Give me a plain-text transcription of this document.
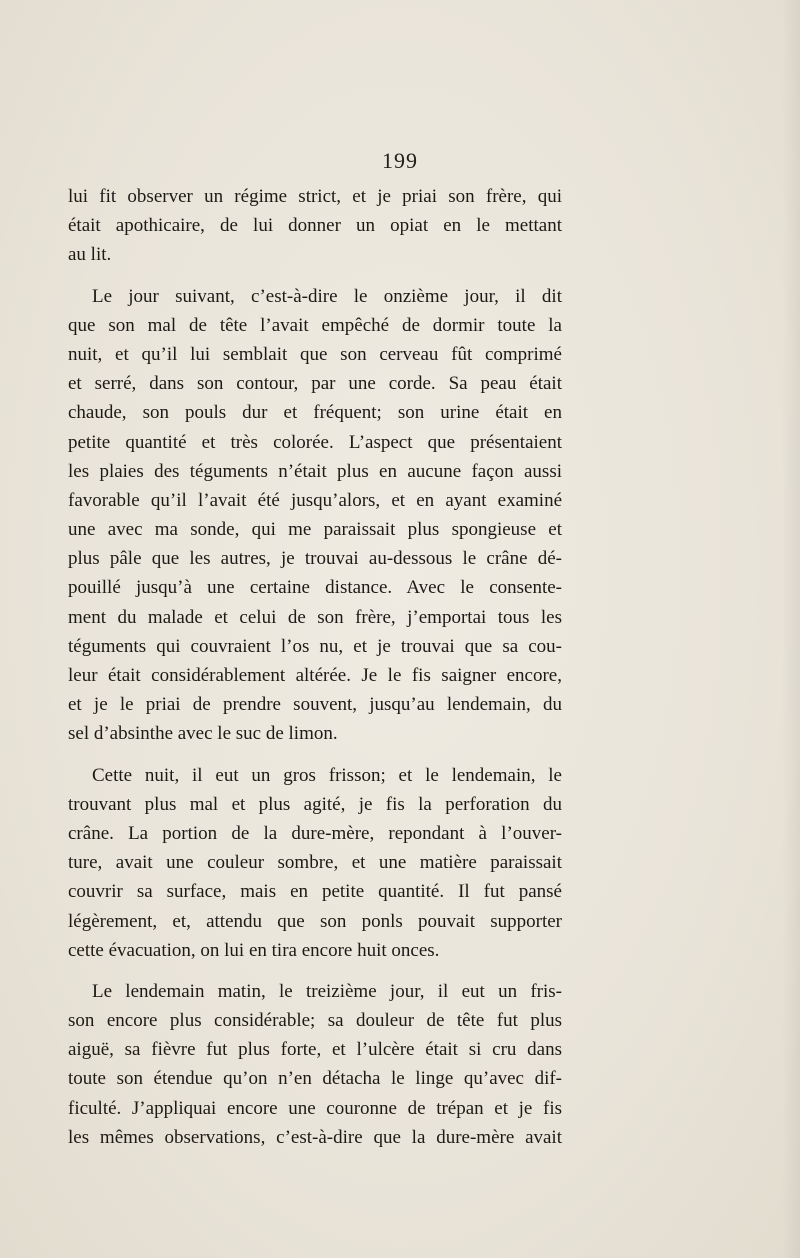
199
lui fit observer un régime strict, et je priai son frère, qui
était apothicaire, de lui donner un opiat en le mettant
au lit.
Le jour suivant, c’est-à-dire le onzième jour, il dit
que son mal de tête l’avait empêché de dormir toute la
nuit, et qu’il lui semblait que son cerveau fût comprimé
et serré, dans son contour, par une corde. Sa peau était
chaude, son pouls dur et fréquent; son urine était en
petite quantité et très colorée. L’aspect que présentaient
les plaies des téguments n’était plus en aucune façon aussi
favorable qu’il l’avait été jusqu’alors, et en ayant examiné
une avec ma sonde, qui me paraissait plus spongieuse et
plus pâle que les autres, je trouvai au-dessous le crâne dé-
pouillé jusqu’à une certaine distance. Avec le consente-
ment du malade et celui de son frère, j’emportai tous les
téguments qui couvraient l’os nu, et je trouvai que sa cou-
leur était considérablement altérée. Je le fis saigner encore,
et je le priai de prendre souvent, jusqu’au lendemain, du
sel d’absinthe avec le suc de limon.
Cette nuit, il eut un gros frisson; et le lendemain, le
trouvant plus mal et plus agité, je fis la perforation du
crâne. La portion de la dure-mère, repondant à l’ouver-
ture, avait une couleur sombre, et une matière paraissait
couvrir sa surface, mais en petite quantité. Il fut pansé
légèrement, et, attendu que son ponls pouvait supporter
cette évacuation, on lui en tira encore huit onces.
Le lendemain matin, le treizième jour, il eut un fris-
son encore plus considérable; sa douleur de tête fut plus
aiguë, sa fièvre fut plus forte, et l’ulcère était si cru dans
toute son étendue qu’on n’en détacha le linge qu’avec dif-
ficulté. J’appliquai encore une couronne de trépan et je fis
les mêmes observations, c’est-à-dire que la dure-mère avait
